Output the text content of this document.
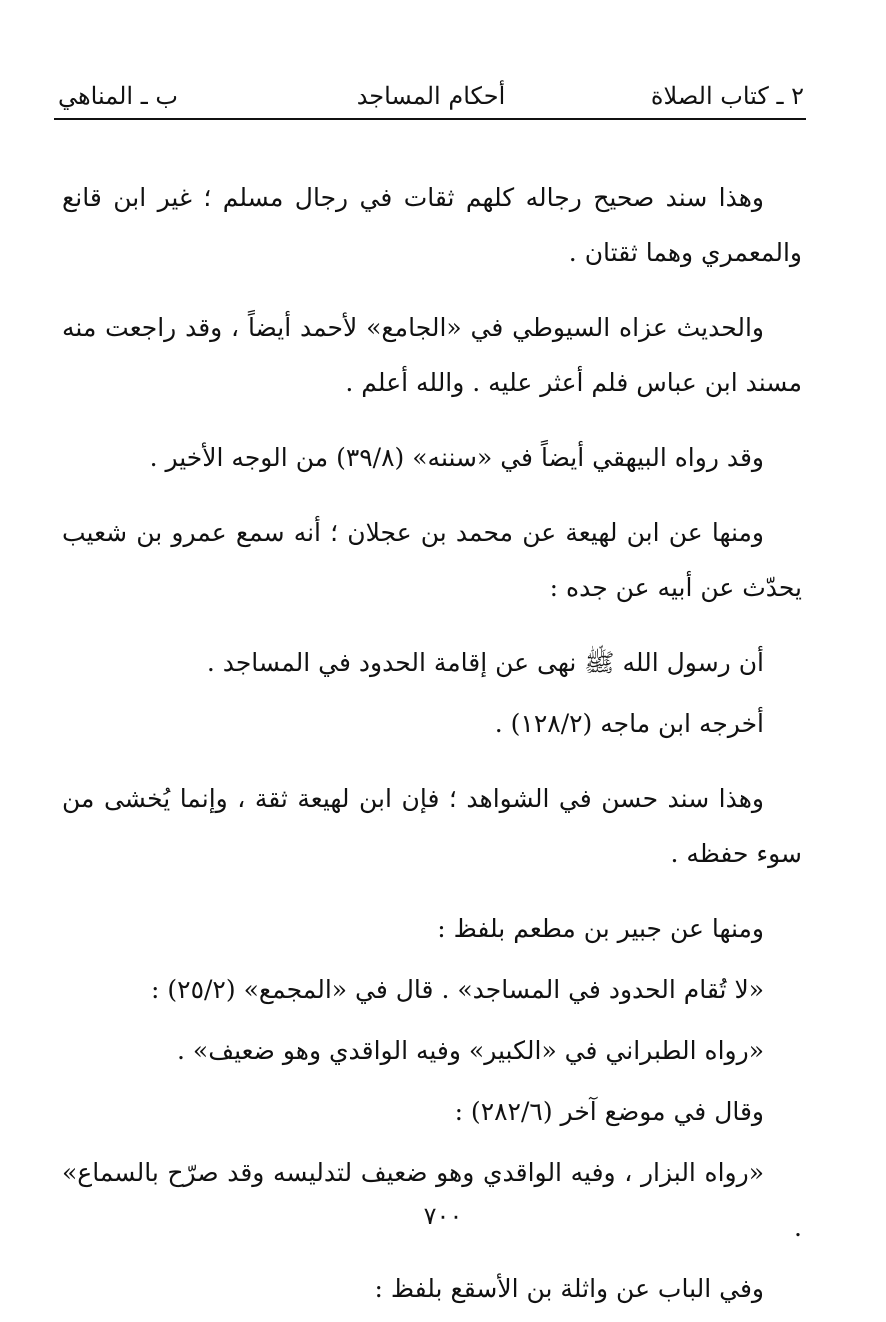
٢ ـ كتاب الصلاة
أحكام المساجد
ب ـ المناهي

وهذا سند صحيح رجاله كلهم ثقات في رجال مسلم ؛ غير ابن قانع والمعمري وهما ثقتان .

والحديث عزاه السيوطي في «الجامع» لأحمد أيضاً ، وقد راجعت منه مسند ابن عباس فلم أعثر عليه . والله أعلم .

وقد رواه البيهقي أيضاً في «سننه» (٣٩/٨) من الوجه الأخير .

ومنها عن ابن لهيعة عن محمد بن عجلان ؛ أنه سمع عمرو بن شعيب يحدّث عن أبيه عن جده :

أن رسول الله ﷺ نهى عن إقامة الحدود في المساجد .

أخرجه ابن ماجه (١٢٨/٢) .

وهذا سند حسن في الشواهد ؛ فإن ابن لهيعة ثقة ، وإنما يُخشى من سوء حفظه .

ومنها عن جبير بن مطعم بلفظ :

«لا تُقام الحدود في المساجد» . قال في «المجمع» (٢٥/٢) :

«رواه الطبراني في «الكبير» وفيه الواقدي وهو ضعيف» .

وقال في موضع آخر (٢٨٢/٦) :

«رواه البزار ، وفيه الواقدي وهو ضعيف لتدليسه وقد صرّح بالسماع» .

وفي الباب عن واثلة بن الأسقع بلفظ :

٧٠٠
